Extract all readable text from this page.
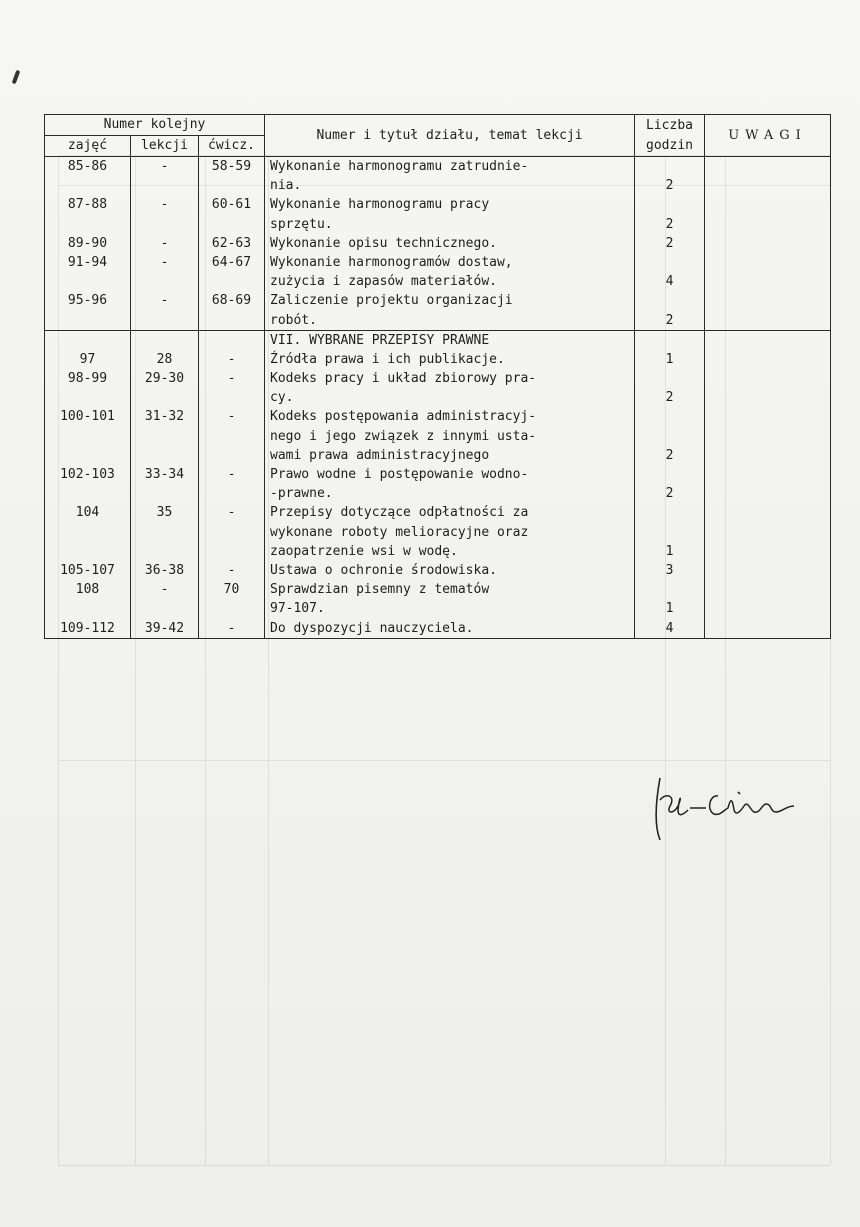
Numer kolejny			Numer i tytuł działu, temat lekcji	Liczba
godzin	UWAGI
zajęć	lekcji	ćwicz.			

85-86	-	58-59	Wykonanie harmonogramu zatrudnie-
nia.	2	

87-88	-	60-61	Wykonanie harmonogramu pracy
sprzętu.	2	

89-90	-	62-63	Wykonanie opisu technicznego.	2	

91-94	-	64-67	Wykonanie harmonogramów dostaw,
zużycia i zapasów materiałów.	4	

95-96	-	68-69	Zaliczenie projektu organizacji
robót.	2	

			VII. WYBRANE PRZEPISY PRAWNE		

97	28	-	Źródła prawa i ich publikacje.	1	

98-99	29-30	-	Kodeks pracy i układ zbiorowy pra-
cy.	2	

100-101	31-32	-	Kodeks postępowania administracyj-
nego i jego związek z innymi usta-
wami prawa administracyjnego	2	

102-103	33-34	-	Prawo wodne i postępowanie wodno-
-prawne.	2	

104	35	-	Przepisy dotyczące odpłatności za
wykonane roboty melioracyjne oraz
zaopatrzenie wsi w wodę.	1	

105-107	36-38	-	Ustawa o ochronie środowiska.	3	

108	-	70	Sprawdzian pisemny z tematów
97-107.	1	

109-112	39-42	-	Do dyspozycji nauczyciela.	4	
